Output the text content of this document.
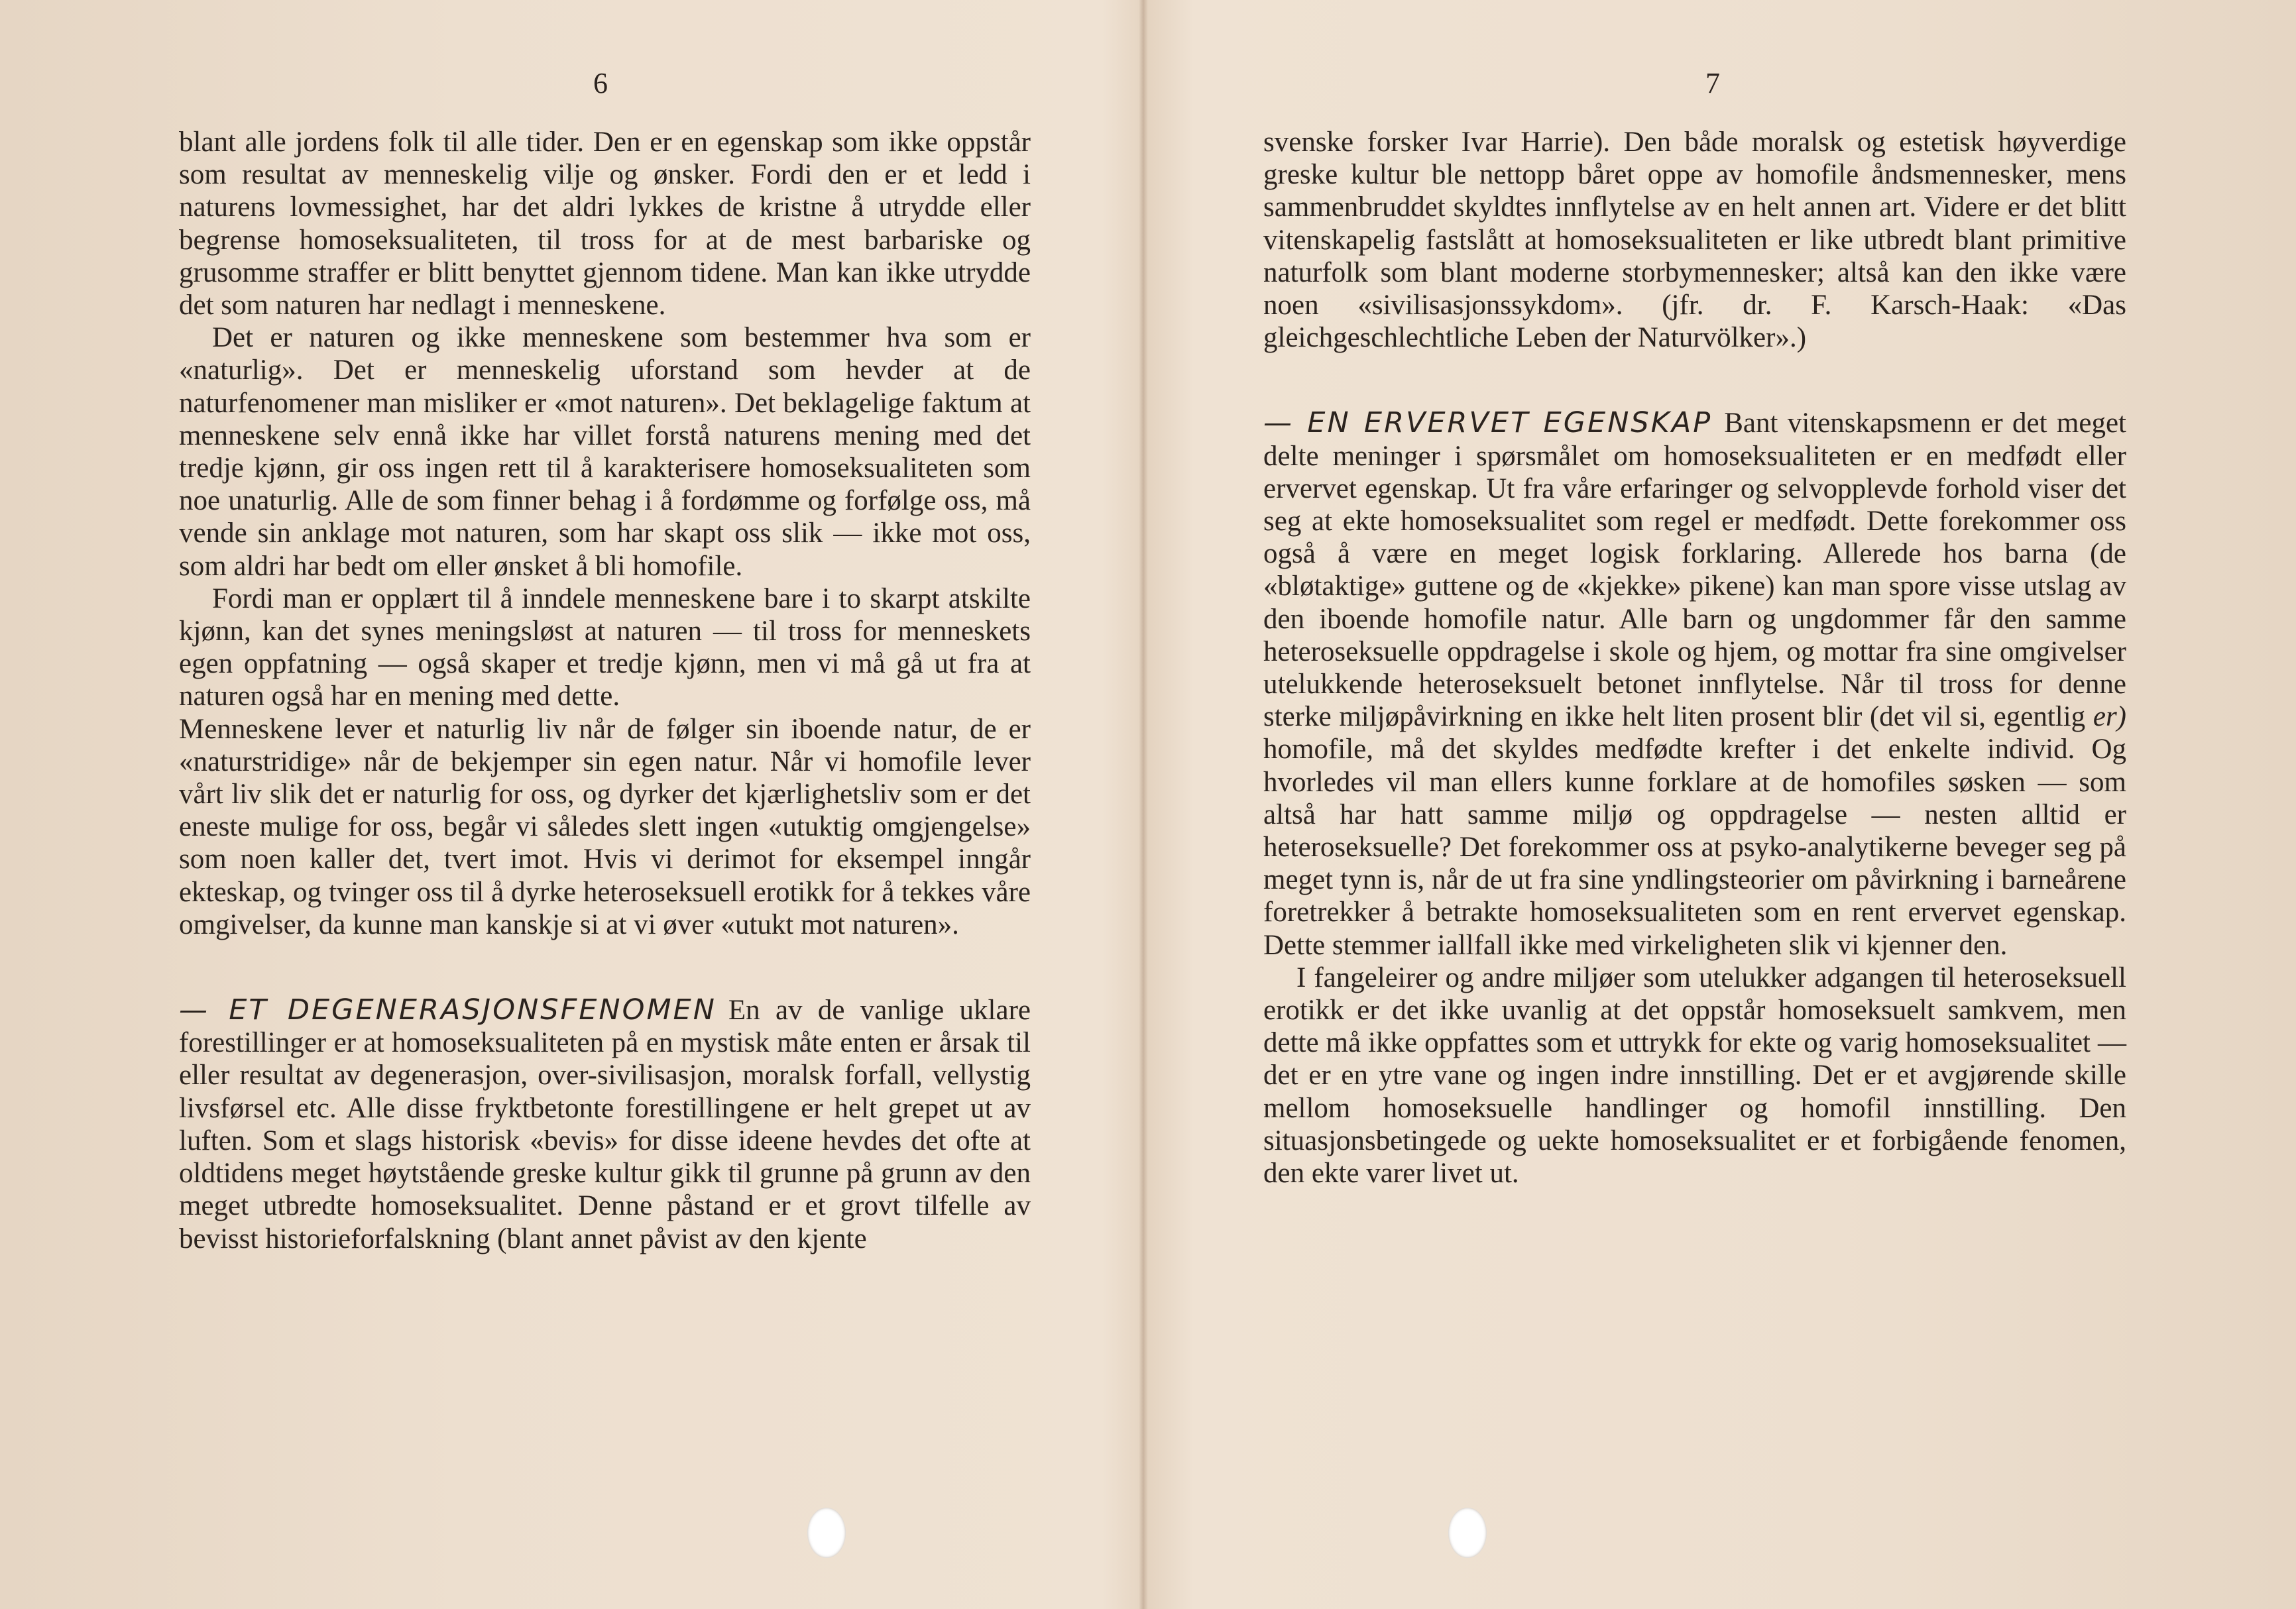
6

blant alle jordens folk til alle tider. Den er en egenskap som ikke oppstår som resultat av menneskelig vilje og ønsker. Fordi den er et ledd i naturens lovmessighet, har det aldri lykkes de kristne å utrydde eller begrense homoseksualiteten, til tross for at de mest barbariske og grusomme straffer er blitt benyttet gjennom tidene. Man kan ikke utrydde det som naturen har nedlagt i menneskene.

Det er naturen og ikke menneskene som bestemmer hva som er «naturlig». Det er menneskelig uforstand som hevder at de naturfenomener man misliker er «mot naturen». Det beklagelige faktum at menneskene selv ennå ikke har villet forstå naturens mening med det tredje kjønn, gir oss ingen rett til å karakterisere homoseksualiteten som noe unaturlig. Alle de som finner behag i å fordømme og forfølge oss, må vende sin anklage mot naturen, som har skapt oss slik — ikke mot oss, som aldri har bedt om eller ønsket å bli homofile.

Fordi man er opplært til å inndele menneskene bare i to skarpt atskilte kjønn, kan det synes meningsløst at naturen — til tross for menneskets egen oppfatning — også skaper et tredje kjønn, men vi må gå ut fra at naturen også har en mening med dette.

Menneskene lever et naturlig liv når de følger sin iboende natur, de er «naturstridige» når de bekjemper sin egen natur. Når vi homofile lever vårt liv slik det er naturlig for oss, og dyrker det kjærlighetsliv som er det eneste mulige for oss, begår vi således slett ingen «utuktig omgjengelse» som noen kaller det, tvert imot. Hvis vi derimot for eksempel inngår ekteskap, og tvinger oss til å dyrke heteroseksuell erotikk for å tekkes våre omgivelser, da kunne man kanskje si at vi øver «utukt mot naturen».

— ET DEGENERASJONSFENOMEN En av de vanlige uklare forestillinger er at homoseksualiteten på en mystisk måte enten er årsak til eller resultat av degenerasjon, over-sivilisasjon, moralsk forfall, vellystig livsførsel etc. Alle disse fryktbetonte forestillingene er helt grepet ut av luften. Som et slags historisk «bevis» for disse ideene hevdes det ofte at oldtidens meget høytstående greske kultur gikk til grunne på grunn av den meget utbredte homoseksualitet. Denne påstand er et grovt tilfelle av bevisst historieforfalskning (blant annet påvist av den kjente

7

svenske forsker Ivar Harrie). Den både moralsk og estetisk høyverdige greske kultur ble nettopp båret oppe av homofile åndsmennesker, mens sammenbruddet skyldtes innflytelse av en helt annen art. Videre er det blitt vitenskapelig fastslått at homoseksualiteten er like utbredt blant primitive naturfolk som blant moderne storbymennesker; altså kan den ikke være noen «sivilisasjonssykdom». (jfr. dr. F. Karsch-Haak: «Das gleichgeschlechtliche Leben der Naturvölker».)

— EN ERVERVET EGENSKAP Bant vitenskapsmenn er det meget delte meninger i spørsmålet om homoseksualiteten er en medfødt eller ervervet egenskap. Ut fra våre erfaringer og selvopplevde forhold viser det seg at ekte homoseksualitet som regel er medfødt. Dette forekommer oss også å være en meget logisk forklaring. Allerede hos barna (de «bløtaktige» guttene og de «kjekke» pikene) kan man spore visse utslag av den iboende homofile natur. Alle barn og ungdommer får den samme heteroseksuelle oppdragelse i skole og hjem, og mottar fra sine omgivelser utelukkende heteroseksuelt betonet innflytelse. Når til tross for denne sterke miljøpåvirkning en ikke helt liten prosent blir (det vil si, egentlig er) homofile, må det skyldes medfødte krefter i det enkelte individ. Og hvorledes vil man ellers kunne forklare at de homofiles søsken — som altså har hatt samme miljø og oppdragelse — nesten alltid er heteroseksuelle? Det forekommer oss at psyko-analytikerne beveger seg på meget tynn is, når de ut fra sine yndlingsteorier om påvirkning i barneårene foretrekker å betrakte homoseksualiteten som en rent ervervet egenskap. Dette stemmer iallfall ikke med virkeligheten slik vi kjenner den.

I fangeleirer og andre miljøer som utelukker adgangen til heteroseksuell erotikk er det ikke uvanlig at det oppstår homoseksuelt samkvem, men dette må ikke oppfattes som et uttrykk for ekte og varig homoseksualitet — det er en ytre vane og ingen indre innstilling. Det er et avgjørende skille mellom homoseksuelle handlinger og homofil innstilling. Den situasjonsbetingede og uekte homoseksualitet er et forbigående fenomen, den ekte varer livet ut.
